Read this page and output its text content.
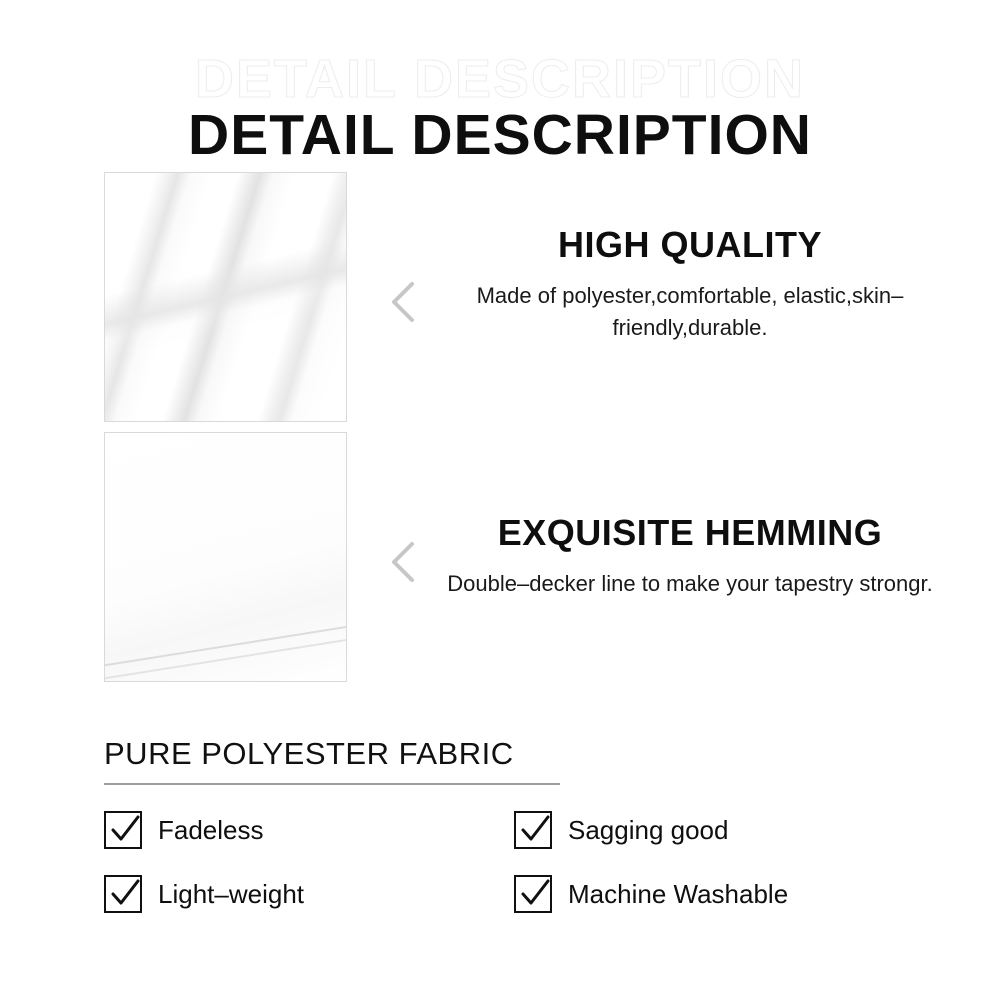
DETAIL DESCRIPTION
DETAIL DESCRIPTION
HIGH QUALITY

Made of polyester,comfortable, elastic,skin–friendly,durable.

EXQUISITE HEMMING

Double–decker line to make your tapestry strongr.

PURE POLYESTER FABRIC
Fadeless	Sagging good
Light–weight	Machine Washable
